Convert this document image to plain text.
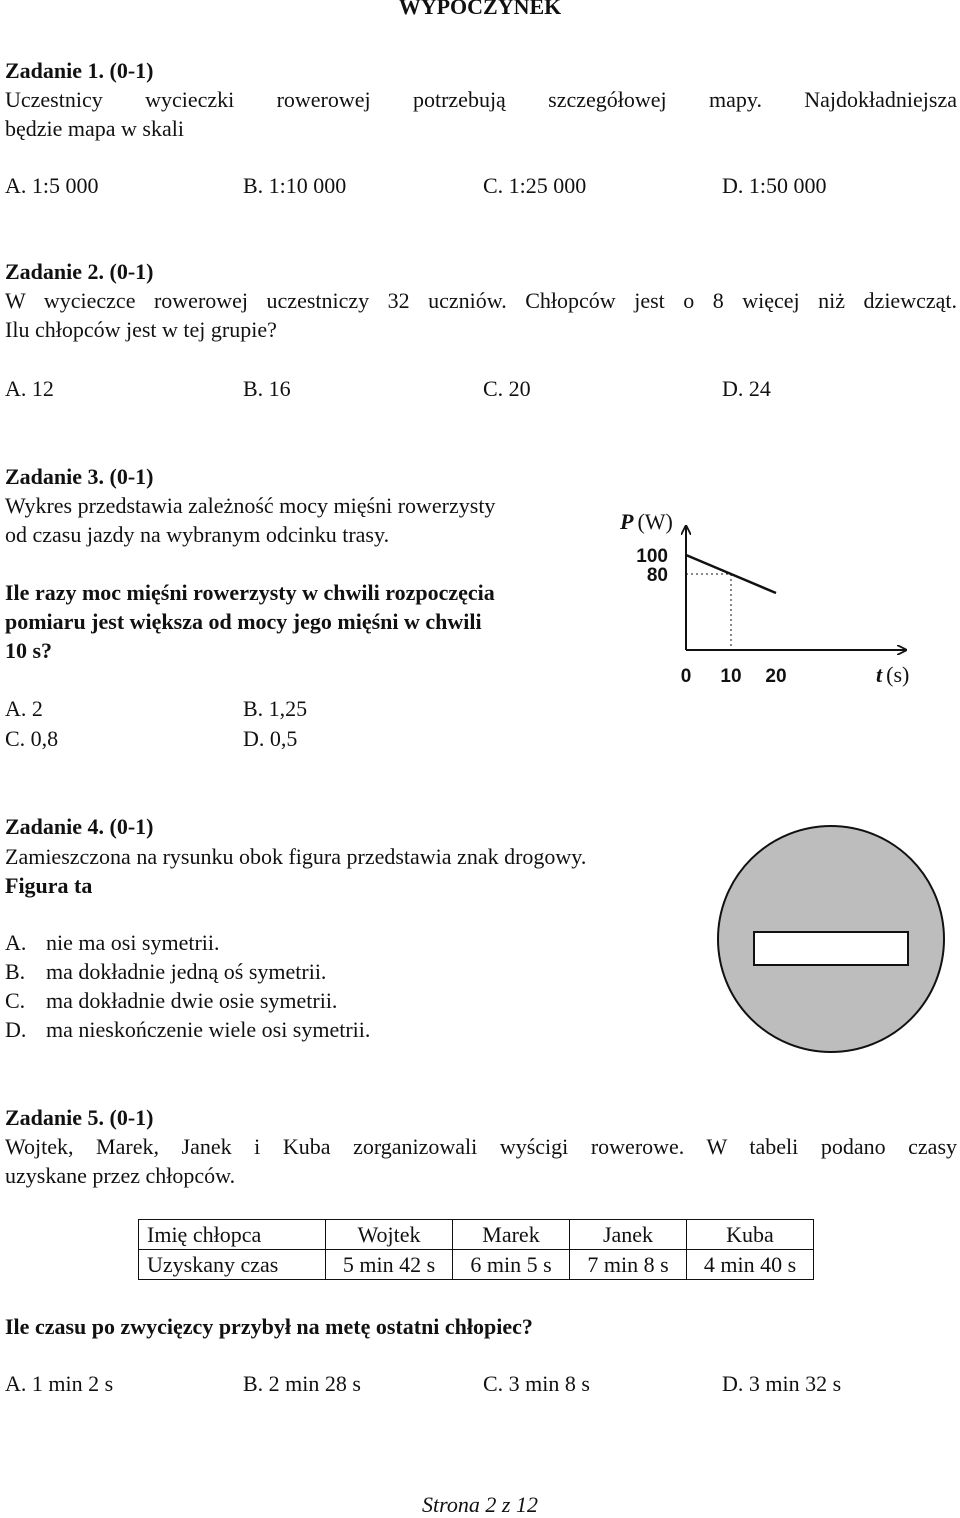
WYPOCZYNEK
Zadanie 1. (0-1)
Uczestnicy wycieczki rowerowej potrzebują szczegółowej mapy. Najdokładniejsza
będzie mapa w skali
A. 1:5 000	B. 1:10 000	C. 1:25 000	D. 1:50 000
Zadanie 2. (0-1)
W wycieczce rowerowej uczestniczy 32 uczniów. Chłopców jest o 8 więcej niż dziewcząt.
Ilu chłopców jest w tej grupie?
A. 12	B. 16	C. 20	D. 24
Zadanie 3. (0-1)
Wykres przedstawia zależność mocy mięśni rowerzysty
od czasu jazdy na wybranym odcinku trasy.
Ile razy moc mięśni rowerzysty w chwili rozpoczęcia
pomiaru jest większa od mocy jego mięśni w chwili
10 s?
A. 2	B. 1,25
C. 0,8	D. 0,5
100
80
0 10 20
P (W)
t (s)
Zadanie 4. (0-1)
Zamieszczona na rysunku obok figura przedstawia znak drogowy.
Figura ta
A. nie ma osi symetrii.
B. ma dokładnie jedną oś symetrii.
C. ma dokładnie dwie osie symetrii.
D. ma nieskończenie wiele osi symetrii.
Zadanie 5. (0-1)
Wojtek, Marek, Janek i Kuba zorganizowali wyścigi rowerowe. W tabeli podano czasy
uzyskane przez chłopców.
Imię chłopca	Wojtek	Marek	Janek	Kuba
Uzyskany czas	5 min 42 s	6 min 5 s	7 min 8 s	4 min 40 s
Ile czasu po zwycięzcy przybył na metę ostatni chłopiec?
A. 1 min 2 s	B. 2 min 28 s	C. 3 min 8 s	D. 3 min 32 s
Strona 2 z 12
